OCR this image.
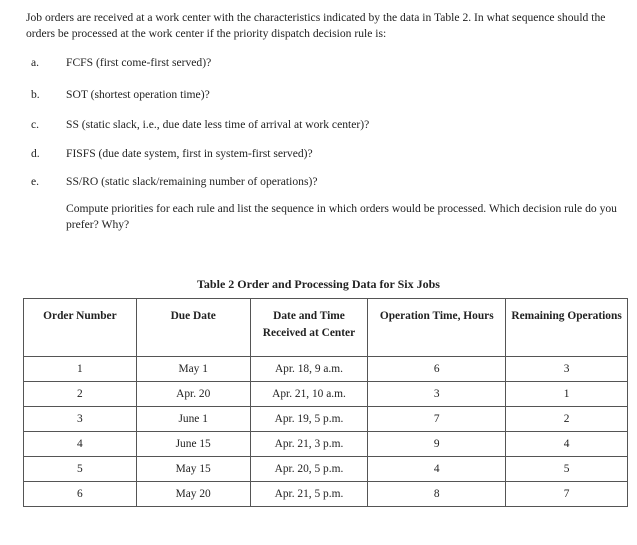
Job orders are received at a work center with the characteristics indicated by the data in Table 2. In what sequence should the orders be processed at the work center if the priority dispatch decision rule is:
a. FCFS (first come-first served)?
b. SOT (shortest operation time)?
c. SS (static slack, i.e., due date less time of arrival at work center)?
d. FISFS (due date system, first in system-first served)?
e. SS/RO (static slack/remaining number of operations)?
Compute priorities for each rule and list the sequence in which orders would be processed. Which decision rule do you prefer? Why?
Table 2 Order and Processing Data for Six Jobs
Order Number	Due Date	Date and Time Received at Center	Operation Time, Hours	Remaining Operations
1	May 1	Apr. 18, 9 a.m.	6	3
2	Apr. 20	Apr. 21, 10 a.m.	3	1
3	June 1	Apr. 19, 5 p.m.	7	2
4	June 15	Apr. 21, 3 p.m.	9	4
5	May 15	Apr. 20, 5 p.m.	4	5
6	May 20	Apr. 21, 5 p.m.	8	7
